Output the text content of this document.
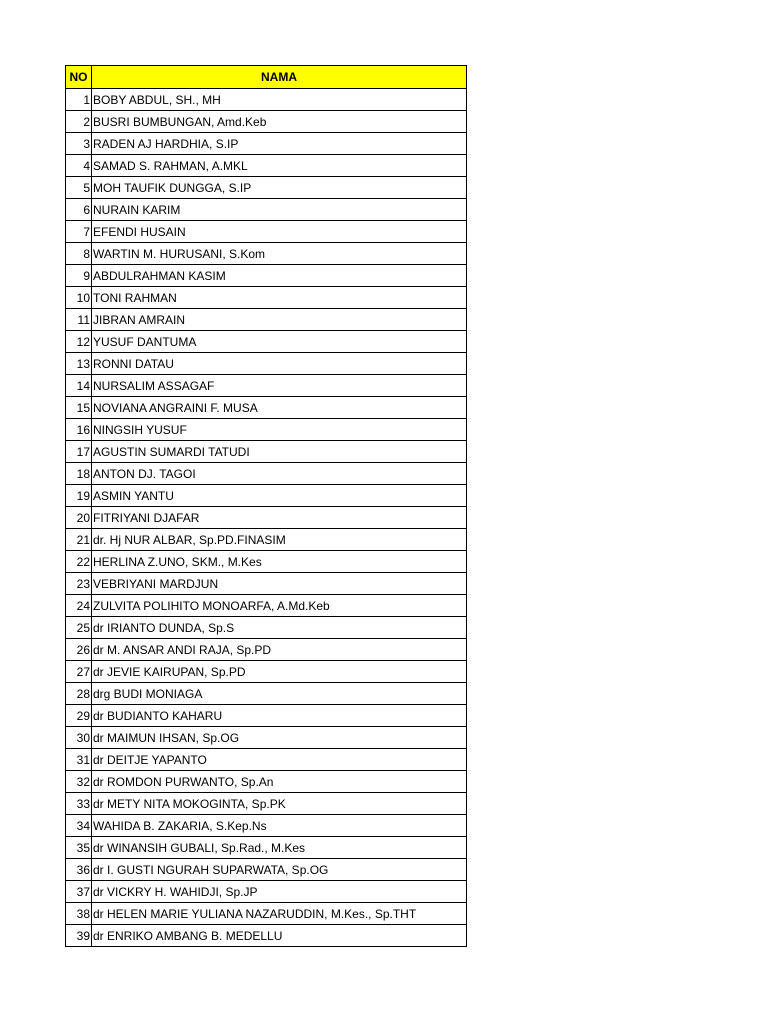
NO	NAMA
1	BOBY ABDUL, SH., MH
2	BUSRI BUMBUNGAN, Amd.Keb
3	RADEN AJ HARDHIA, S.IP
4	SAMAD S. RAHMAN, A.MKL
5	MOH TAUFIK DUNGGA, S.IP
6	NURAIN KARIM
7	EFENDI HUSAIN
8	WARTIN M. HURUSANI, S.Kom
9	ABDULRAHMAN KASIM
10	TONI RAHMAN
11	JIBRAN AMRAIN
12	YUSUF DANTUMA
13	RONNI DATAU
14	NURSALIM ASSAGAF
15	NOVIANA ANGRAINI F. MUSA
16	NINGSIH YUSUF
17	AGUSTIN SUMARDI TATUDI
18	ANTON DJ. TAGOI
19	ASMIN YANTU
20	FITRIYANI DJAFAR
21	dr. Hj NUR ALBAR, Sp.PD.FINASIM
22	HERLINA Z.UNO, SKM., M.Kes
23	VEBRIYANI MARDJUN
24	ZULVITA POLIHITO MONOARFA, A.Md.Keb
25	dr IRIANTO DUNDA, Sp.S
26	dr M. ANSAR ANDI RAJA, Sp.PD
27	dr JEVIE KAIRUPAN, Sp.PD
28	drg BUDI MONIAGA
29	dr BUDIANTO KAHARU
30	dr MAIMUN IHSAN, Sp.OG
31	dr DEITJE YAPANTO
32	dr ROMDON PURWANTO, Sp.An
33	dr METY NITA MOKOGINTA, Sp.PK
34	WAHIDA B. ZAKARIA, S.Kep.Ns
35	dr WINANSIH GUBALI, Sp.Rad., M.Kes
36	dr I. GUSTI NGURAH SUPARWATA, Sp.OG
37	dr VICKRY H. WAHIDJI, Sp.JP
38	dr HELEN MARIE YULIANA NAZARUDDIN, M.Kes., Sp.THT
39	dr ENRIKO AMBANG B. MEDELLU
